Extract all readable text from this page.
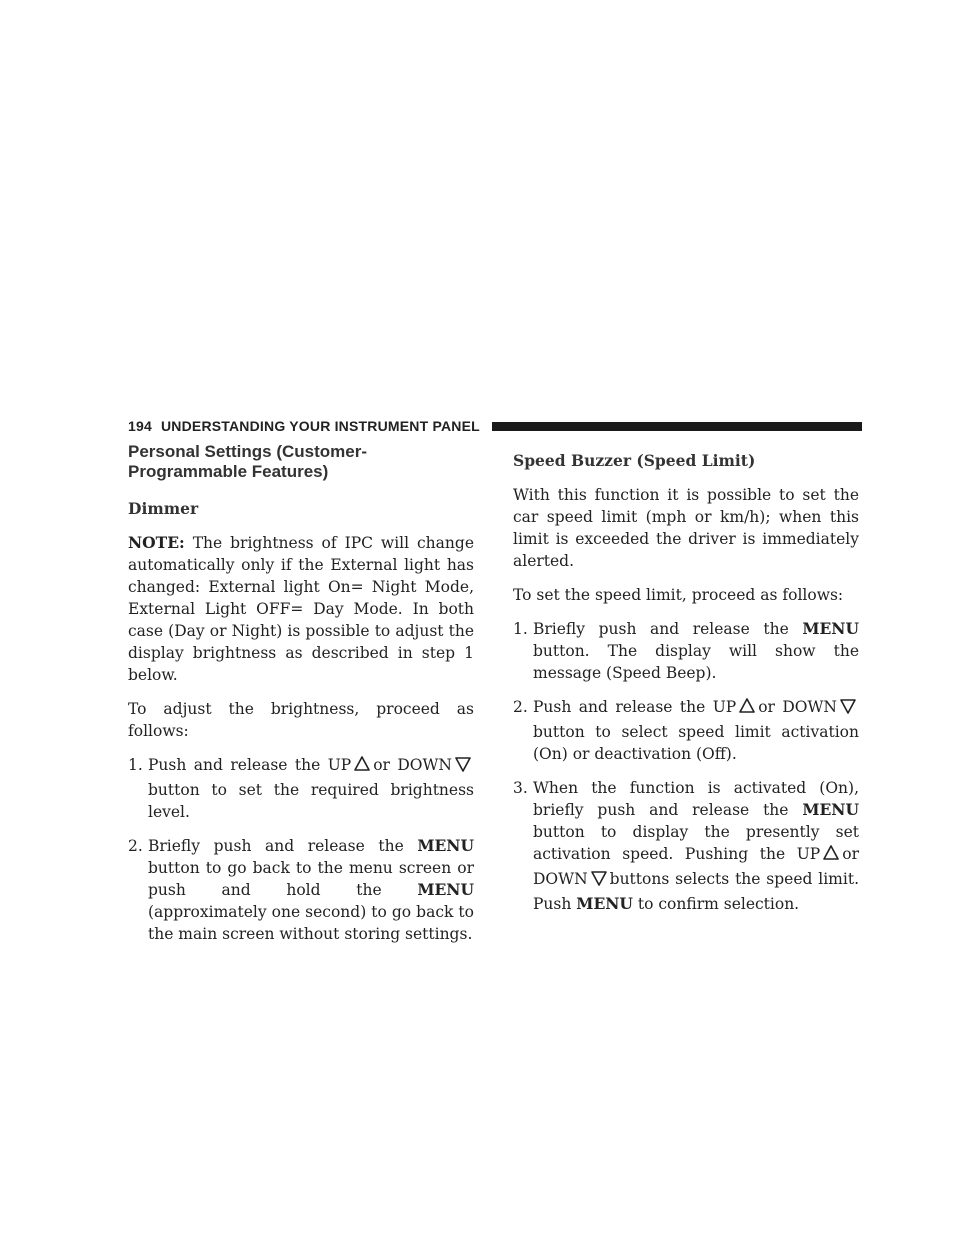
194 UNDERSTANDING YOUR INSTRUMENT PANEL
Personal Settings (Customer-Programmable Features)
Dimmer

NOTE: The brightness of IPC will change automatically only if the External light has changed: External light On= Night Mode, External Light OFF= Day Mode. In both case (Day or Night) is possible to adjust the display brightness as described in step 1 below.

To adjust the brightness, proceed as follows:

1. Push and release the UP or DOWNbutton to set the required brightness level.
2. Briefly push and release the MENU button to go back to the menu screen or push and hold the MENU (approximately one second) to go back to the main screen without storing settings.
Speed Buzzer (Speed Limit)

With this function it is possible to set the car speed limit (mph or km/h); when this limit is exceeded the driver is immediately alerted.

To set the speed limit, proceed as follows:

1. Briefly push and release the MENU button. The display will show the message (Speed Beep).
2. Push and release the UP or DOWNbutton to select speed limit activation (On) or deactivation (Off).
3. When the function is activated (On), briefly push and release the MENU button to display the presently set activation speed. Pushing the UP or DOWN buttons selects the speed limit. Push MENU to confirm selection.
